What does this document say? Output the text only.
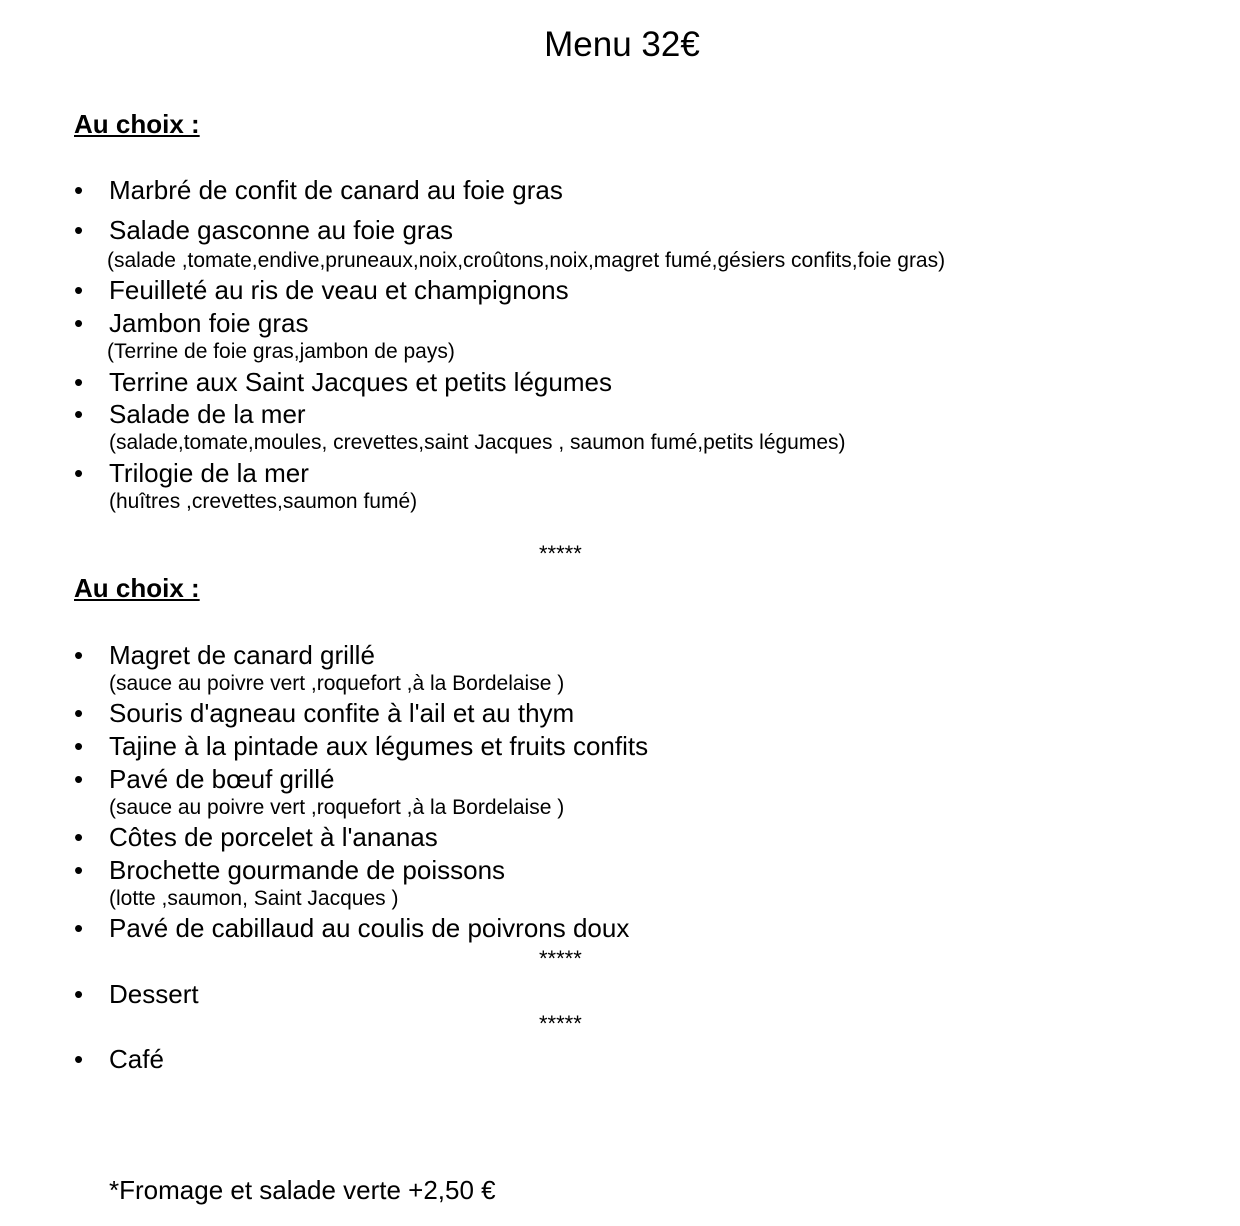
Menu 32€
Au choix :
• Marbré de confit de canard au foie gras
• Salade gasconne au foie gras
(salade ,tomate,endive,pruneaux,noix,croûtons,noix,magret fumé,gésiers confits,foie gras)
• Feuilleté au ris de veau et champignons
• Jambon foie gras
(Terrine de foie gras,jambon de pays)
• Terrine aux Saint Jacques et petits légumes
• Salade de la mer
(salade,tomate,moules, crevettes,saint Jacques , saumon fumé,petits légumes)
• Trilogie de la mer
(huîtres ,crevettes,saumon fumé)
*****
Au choix :
• Magret de canard grillé
(sauce au poivre vert ,roquefort ,à la Bordelaise )
• Souris d'agneau confite à l'ail et au thym
• Tajine à la pintade aux légumes et fruits confits
• Pavé de bœuf grillé
(sauce au poivre vert ,roquefort ,à la Bordelaise )
• Côtes de porcelet à l'ananas
• Brochette gourmande de poissons
(lotte ,saumon, Saint Jacques )
• Pavé de cabillaud au coulis de poivrons doux
*****
• Dessert
*****
• Café
*Fromage et salade verte +2,50 €
